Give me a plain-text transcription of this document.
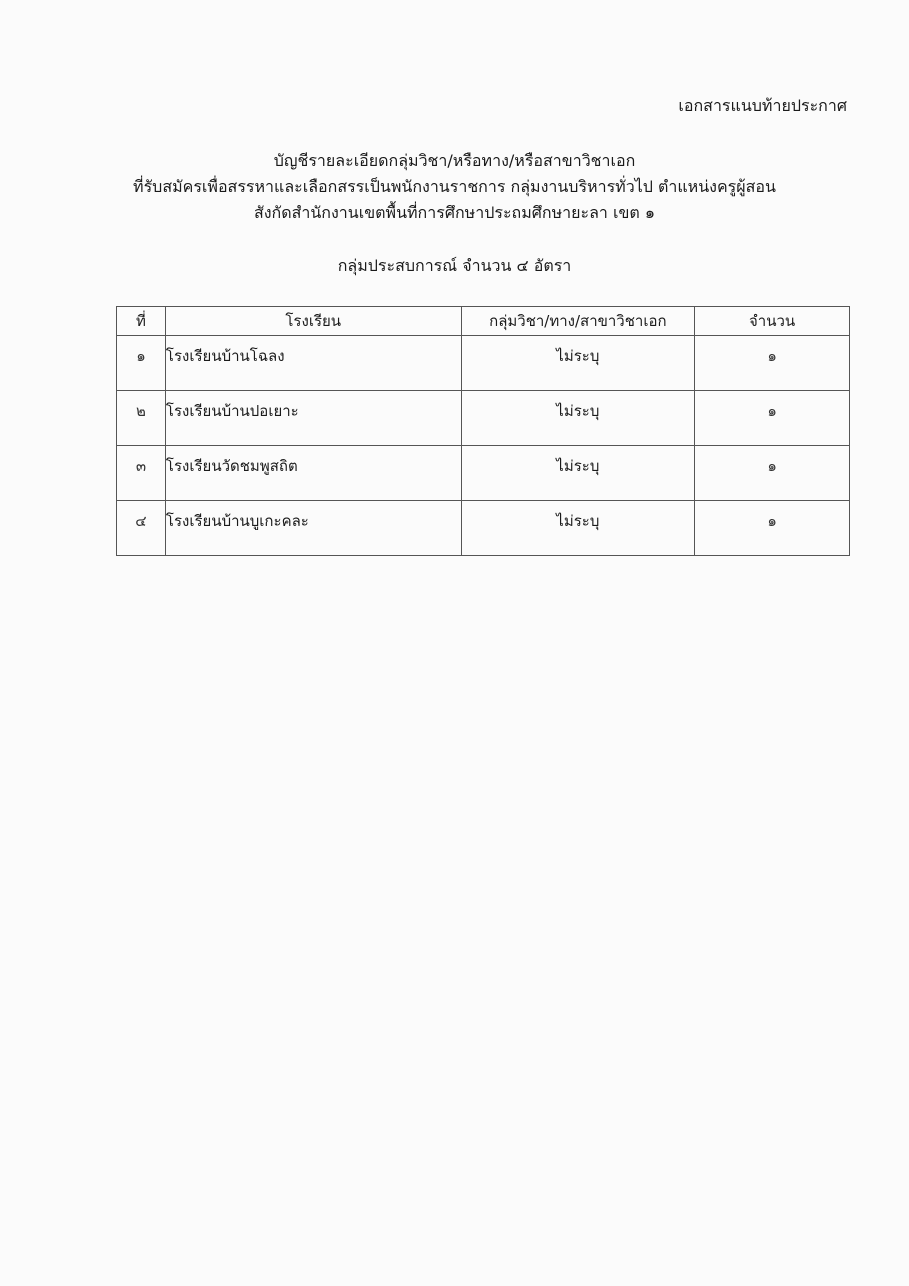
เอกสารแนบท้ายประกาศ
บัญชีรายละเอียดกลุ่มวิชา/หรือทาง/หรือสาขาวิชาเอก
ที่รับสมัครเพื่อสรรหาและเลือกสรรเป็นพนักงานราชการ กลุ่มงานบริหารทั่วไป ตำแหน่งครูผู้สอน
สังกัดสำนักงานเขตพื้นที่การศึกษาประถมศึกษายะลา เขต ๑
กลุ่มประสบการณ์ จำนวน ๔ อัตรา
ที่	โรงเรียน	กลุ่มวิชา/ทาง/สาขาวิชาเอก	จำนวน
๑	โรงเรียนบ้านโฉลง	ไม่ระบุ	๑
๒	โรงเรียนบ้านปอเยาะ	ไม่ระบุ	๑
๓	โรงเรียนวัดชมพูสถิต	ไม่ระบุ	๑
๔	โรงเรียนบ้านบูเกะคละ	ไม่ระบุ	๑
